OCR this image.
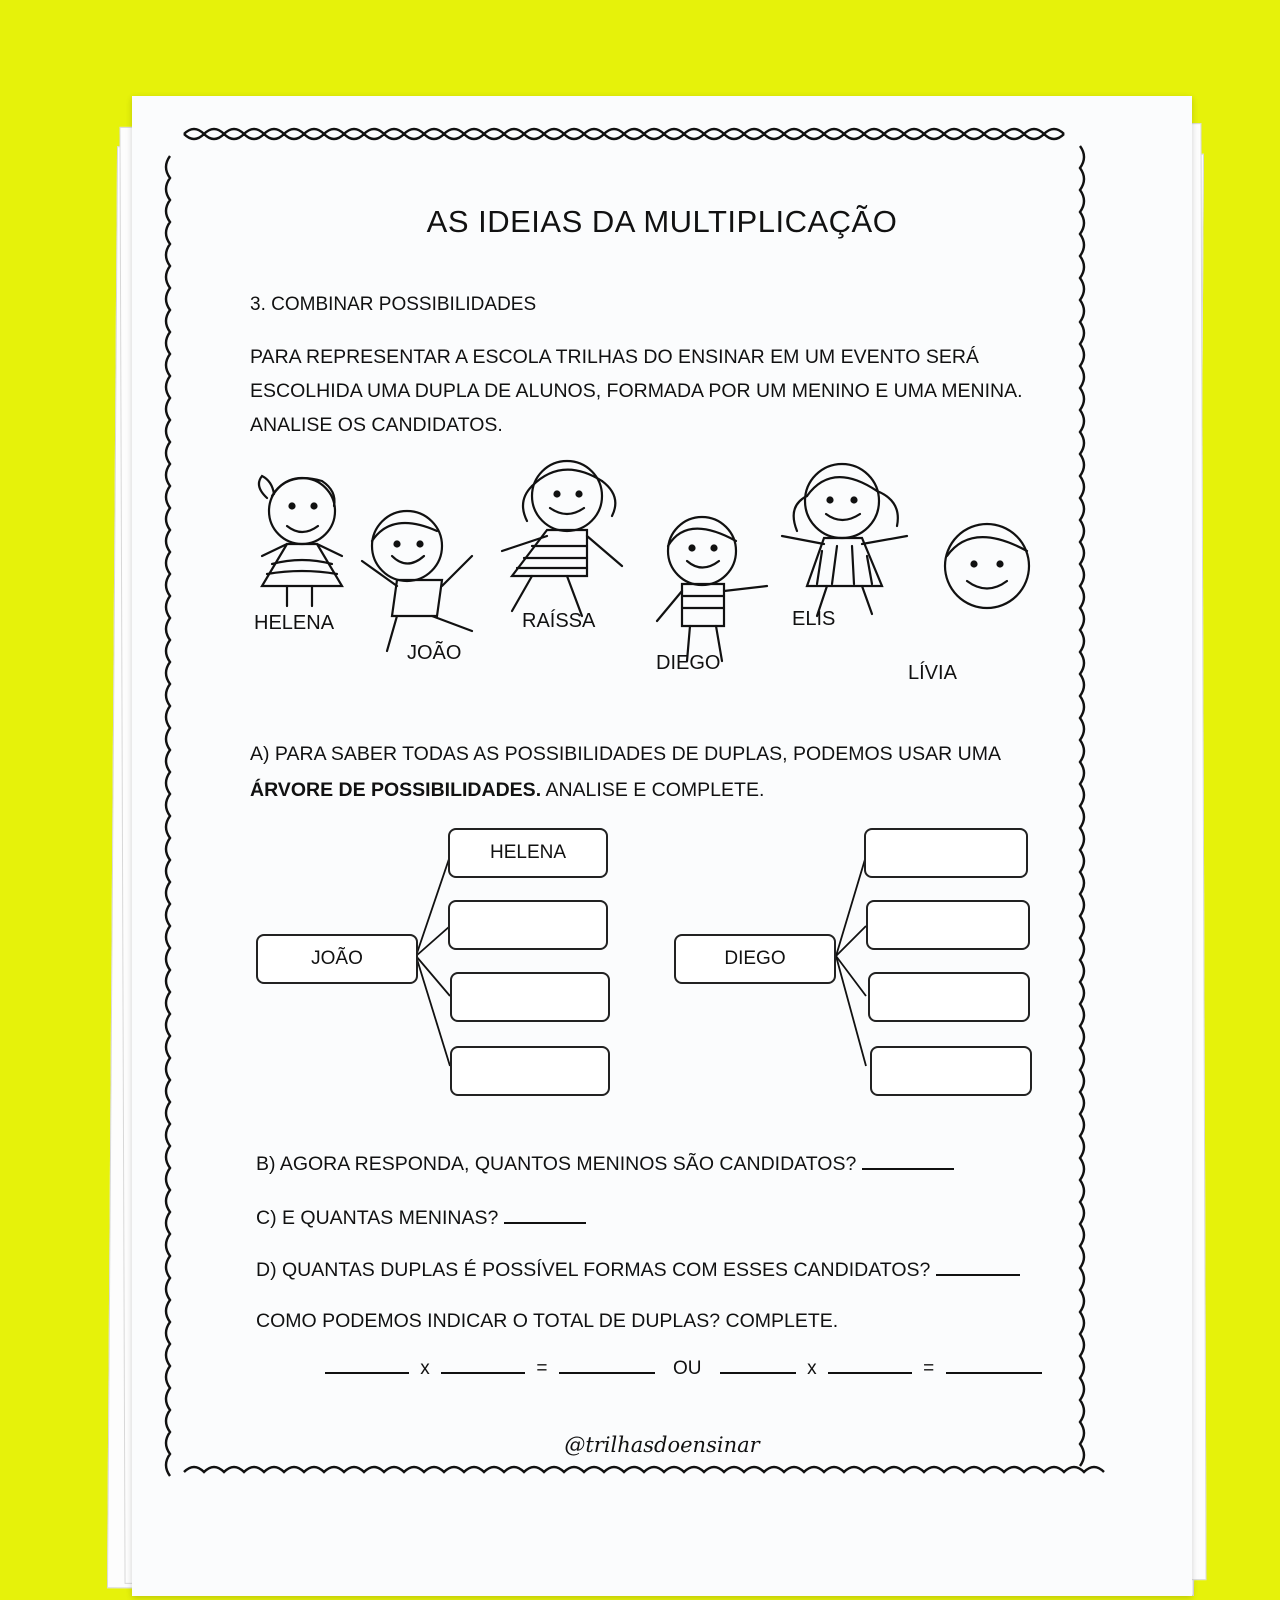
AS IDEIAS DA MULTIPLICAÇÃO
3. COMBINAR POSSIBILIDADES
PARA REPRESENTAR A ESCOLA TRILHAS DO ENSINAR EM UM EVENTO SERÁ
ESCOLHIDA UMA DUPLA DE ALUNOS, FORMADA POR UM MENINO E UMA MENINA.
ANALISE OS CANDIDATOS.
HELENA
JOÃO
RAÍSSA
DIEGO
ELIS
LÍVIA
A) PARA SABER TODAS AS POSSIBILIDADES DE DUPLAS, PODEMOS USAR UMA
ÁRVORE DE POSSIBILIDADES. ANALISE E COMPLETE.
JOÃO
HELENA
DIEGO
B) AGORA RESPONDA, QUANTOS MENINOS SÃO CANDIDATOS?
C) E QUANTAS MENINAS?
D) QUANTAS DUPLAS É POSSÍVEL FORMAS COM ESSES CANDIDATOS?
COMO PODEMOS INDICAR O TOTAL DE DUPLAS? COMPLETE.
x	=	OU	x	=
@trilhasdoensinar
